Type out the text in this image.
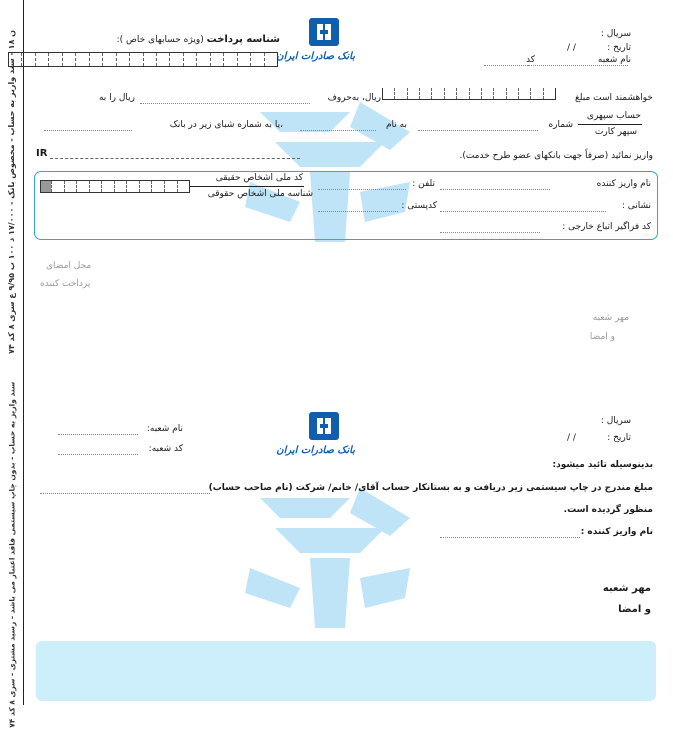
ن ۱۸ - سند واریز به حساب - مخصوص بانک - ۱۷/۰۰۰ د ۱۰۰ ب ۹/۹۵ ع سری ۸ کد ۷۴
سند واریز به حساب - بدون چاپ سیستمی فاقد اعتبار می باشد - رسید مشتری - سری ۸ کد ۷۴
بانک صادرات ایران
سریال :
تاریخ :
/ /
نام شعبه
کد
شناسه پرداخت (ویژه حسابهای خاص ):
خواهشمند است مبلغ
ریال، به‌حروف
ریال را به
حساب سپهری
سپهر کارت
شماره
به نام
،یا به شماره شبای زیر در بانک
واریز نمائید (صرفاً جهت بانکهای عضو طرح خدمت).
IR
نام واریز کننده
تلفن :
کد ملی اشخاص حقیقی
شناسه ملی اشخاص حقوقی
نشانی :
کدپستی :
کد فراگیر اتباع خارجی :
محل امضای
پرداخت کننده
مهر شعبه
و امضا
بانک صادرات ایران
سریال :
تاریخ :
/ /
نام شعبه:
کد شعبه:
بدینوسیله تائید میشود:
مبلغ مندرج در چاپ سیستمی زیر دریافت و به بستانکار حساب آقای/ خانم/ شرکت (نام صاحب حساب)
منظور گردیده است.
نام واریز کننده :
مهر شعبه
و امضا
